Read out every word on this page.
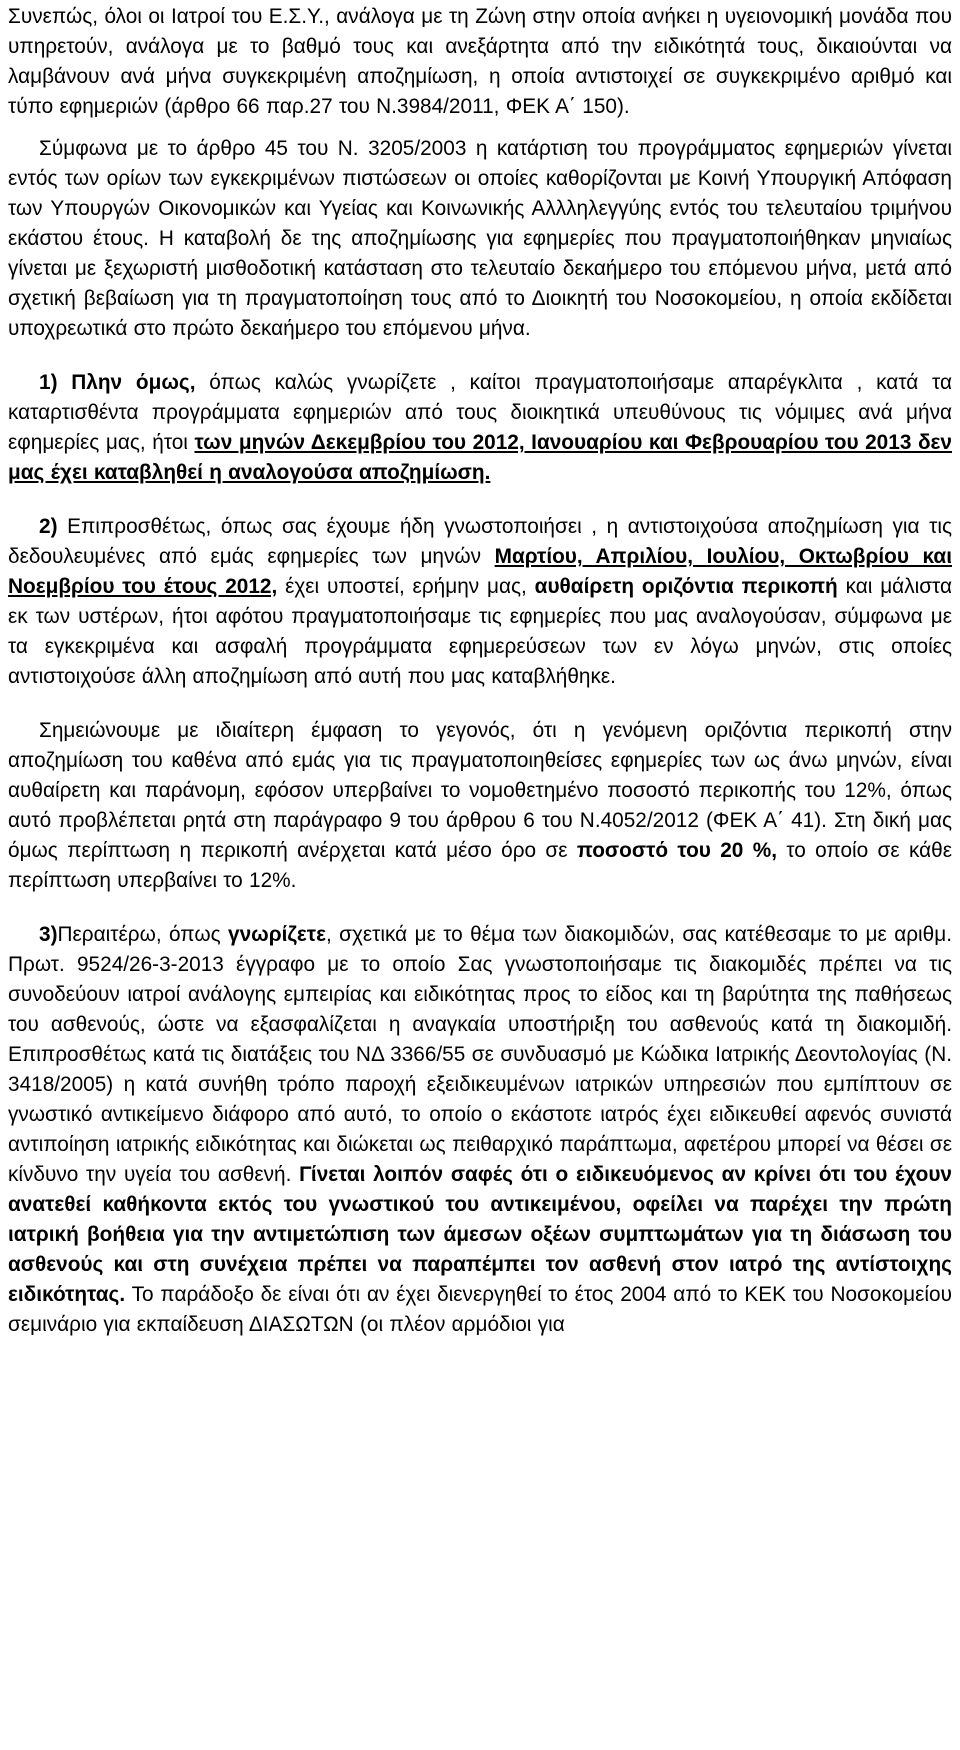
Συνεπώς, όλοι οι Ιατροί του Ε.Σ.Υ., ανάλογα με τη Ζώνη στην οποία ανήκει η υγειονομική μονάδα που υπηρετούν, ανάλογα με το βαθμό τους και ανεξάρτητα από την ειδικότητά τους, δικαιούνται να λαμβάνουν ανά μήνα συγκεκριμένη αποζημίωση, η οποία αντιστοιχεί σε συγκεκριμένο αριθμό και τύπο εφημεριών (άρθρο 66 παρ.27 του Ν.3984/2011, ΦΕΚ Α΄ 150).

Σύμφωνα με το άρθρο 45 του Ν. 3205/2003 η κατάρτιση του προγράμματος εφημεριών γίνεται εντός των ορίων των εγκεκριμένων πιστώσεων οι οποίες καθορίζονται με Κοινή Υπουργική Απόφαση των Υπουργών Οικονομικών και Υγείας και Κοινωνικής Αλλληλεγγύης εντός του τελευταίου τριμήνου εκάστου έτους. Η καταβολή δε της αποζημίωσης για εφημερίες που πραγματοποιήθηκαν μηνιαίως γίνεται με ξεχωριστή μισθοδοτική κατάσταση στο τελευταίο δεκαήμερο του επόμενου μήνα, μετά από σχετική βεβαίωση για τη πραγματοποίηση τους από το Διοικητή του Νοσοκομείου, η οποία εκδίδεται υποχρεωτικά στο πρώτο δεκαήμερο του επόμενου μήνα.

1) Πλην όμως, όπως καλώς γνωρίζετε , καίτοι πραγματοποιήσαμε απαρέγκλιτα , κατά τα καταρτισθέντα προγράμματα εφημεριών από τους διοικητικά υπευθύνους τις νόμιμες ανά μήνα εφημερίες μας, ήτοι των μηνών Δεκεμβρίου του 2012, Ιανουαρίου και Φεβρουαρίου του 2013 δεν μας έχει καταβληθεί η αναλογούσα αποζημίωση.

2) Επιπροσθέτως, όπως σας έχουμε ήδη γνωστοποιήσει , η αντιστοιχούσα αποζημίωση για τις δεδουλευμένες από εμάς εφημερίες των μηνών Μαρτίου, Απριλίου, Ιουλίου, Οκτωβρίου και Νοεμβρίου του έτους 2012, έχει υποστεί, ερήμην μας, αυθαίρετη οριζόντια περικοπή και μάλιστα εκ των υστέρων, ήτοι αφότου πραγματοποιήσαμε τις εφημερίες που μας αναλογούσαν, σύμφωνα με τα εγκεκριμένα και ασφαλή προγράμματα εφημερεύσεων των εν λόγω μηνών, στις οποίες αντιστοιχούσε άλλη αποζημίωση από αυτή που μας καταβλήθηκε.

Σημειώνουμε με ιδιαίτερη έμφαση το γεγονός, ότι η γενόμενη οριζόντια περικοπή στην αποζημίωση του καθένα από εμάς για τις πραγματοποιηθείσες εφημερίες των ως άνω μηνών, είναι αυθαίρετη και παράνομη, εφόσον υπερβαίνει το νομοθετημένο ποσοστό περικοπής του 12%, όπως αυτό προβλέπεται ρητά στη παράγραφο 9 του άρθρου 6 του Ν.4052/2012 (ΦΕΚ Α΄ 41). Στη δική μας όμως περίπτωση η περικοπή ανέρχεται κατά μέσο όρο σε ποσοστό του 20 %, το οποίο σε κάθε περίπτωση υπερβαίνει το 12%.

3)Περαιτέρω, όπως γνωρίζετε, σχετικά με το θέμα των διακομιδών, σας κατέθεσαμε το με αριθμ. Πρωτ. 9524/26-3-2013 έγγραφο με το οποίο Σας γνωστοποιήσαμε τις διακομιδές πρέπει να τις συνοδεύουν ιατροί ανάλογης εμπειρίας και ειδικότητας προς το είδος και τη βαρύτητα της παθήσεως του ασθενούς, ώστε να εξασφαλίζεται η αναγκαία υποστήριξη του ασθενούς κατά τη διακομιδή. Επιπροσθέτως κατά τις διατάξεις του ΝΔ 3366/55 σε συνδυασμό με Κώδικα Ιατρικής Δεοντολογίας (Ν. 3418/2005) η κατά συνήθη τρόπο παροχή εξειδικευμένων ιατρικών υπηρεσιών που εμπίπτουν σε γνωστικό αντικείμενο διάφορο από αυτό, το οποίο ο εκάστοτε ιατρός έχει ειδικευθεί αφενός συνιστά αντιποίηση ιατρικής ειδικότητας και διώκεται ως πειθαρχικό παράπτωμα, αφετέρου μπορεί να θέσει σε κίνδυνο την υγεία του ασθενή. Γίνεται λοιπόν σαφές ότι ο ειδικευόμενος αν κρίνει ότι του έχουν ανατεθεί καθήκοντα εκτός του γνωστικού του αντικειμένου, οφείλει να παρέχει την πρώτη ιατρική βοήθεια για την αντιμετώπιση των άμεσων οξέων συμπτωμάτων για τη διάσωση του ασθενούς και στη συνέχεια πρέπει να παραπέμπει τον ασθενή στον ιατρό της αντίστοιχης ειδικότητας. Το παράδοξο δε είναι ότι αν έχει διενεργηθεί το έτος 2004 από το ΚΕΚ του Νοσοκομείου σεμινάριο για εκπαίδευση ΔΙΑΣΩΤΩΝ (οι πλέον αρμόδιοι για
